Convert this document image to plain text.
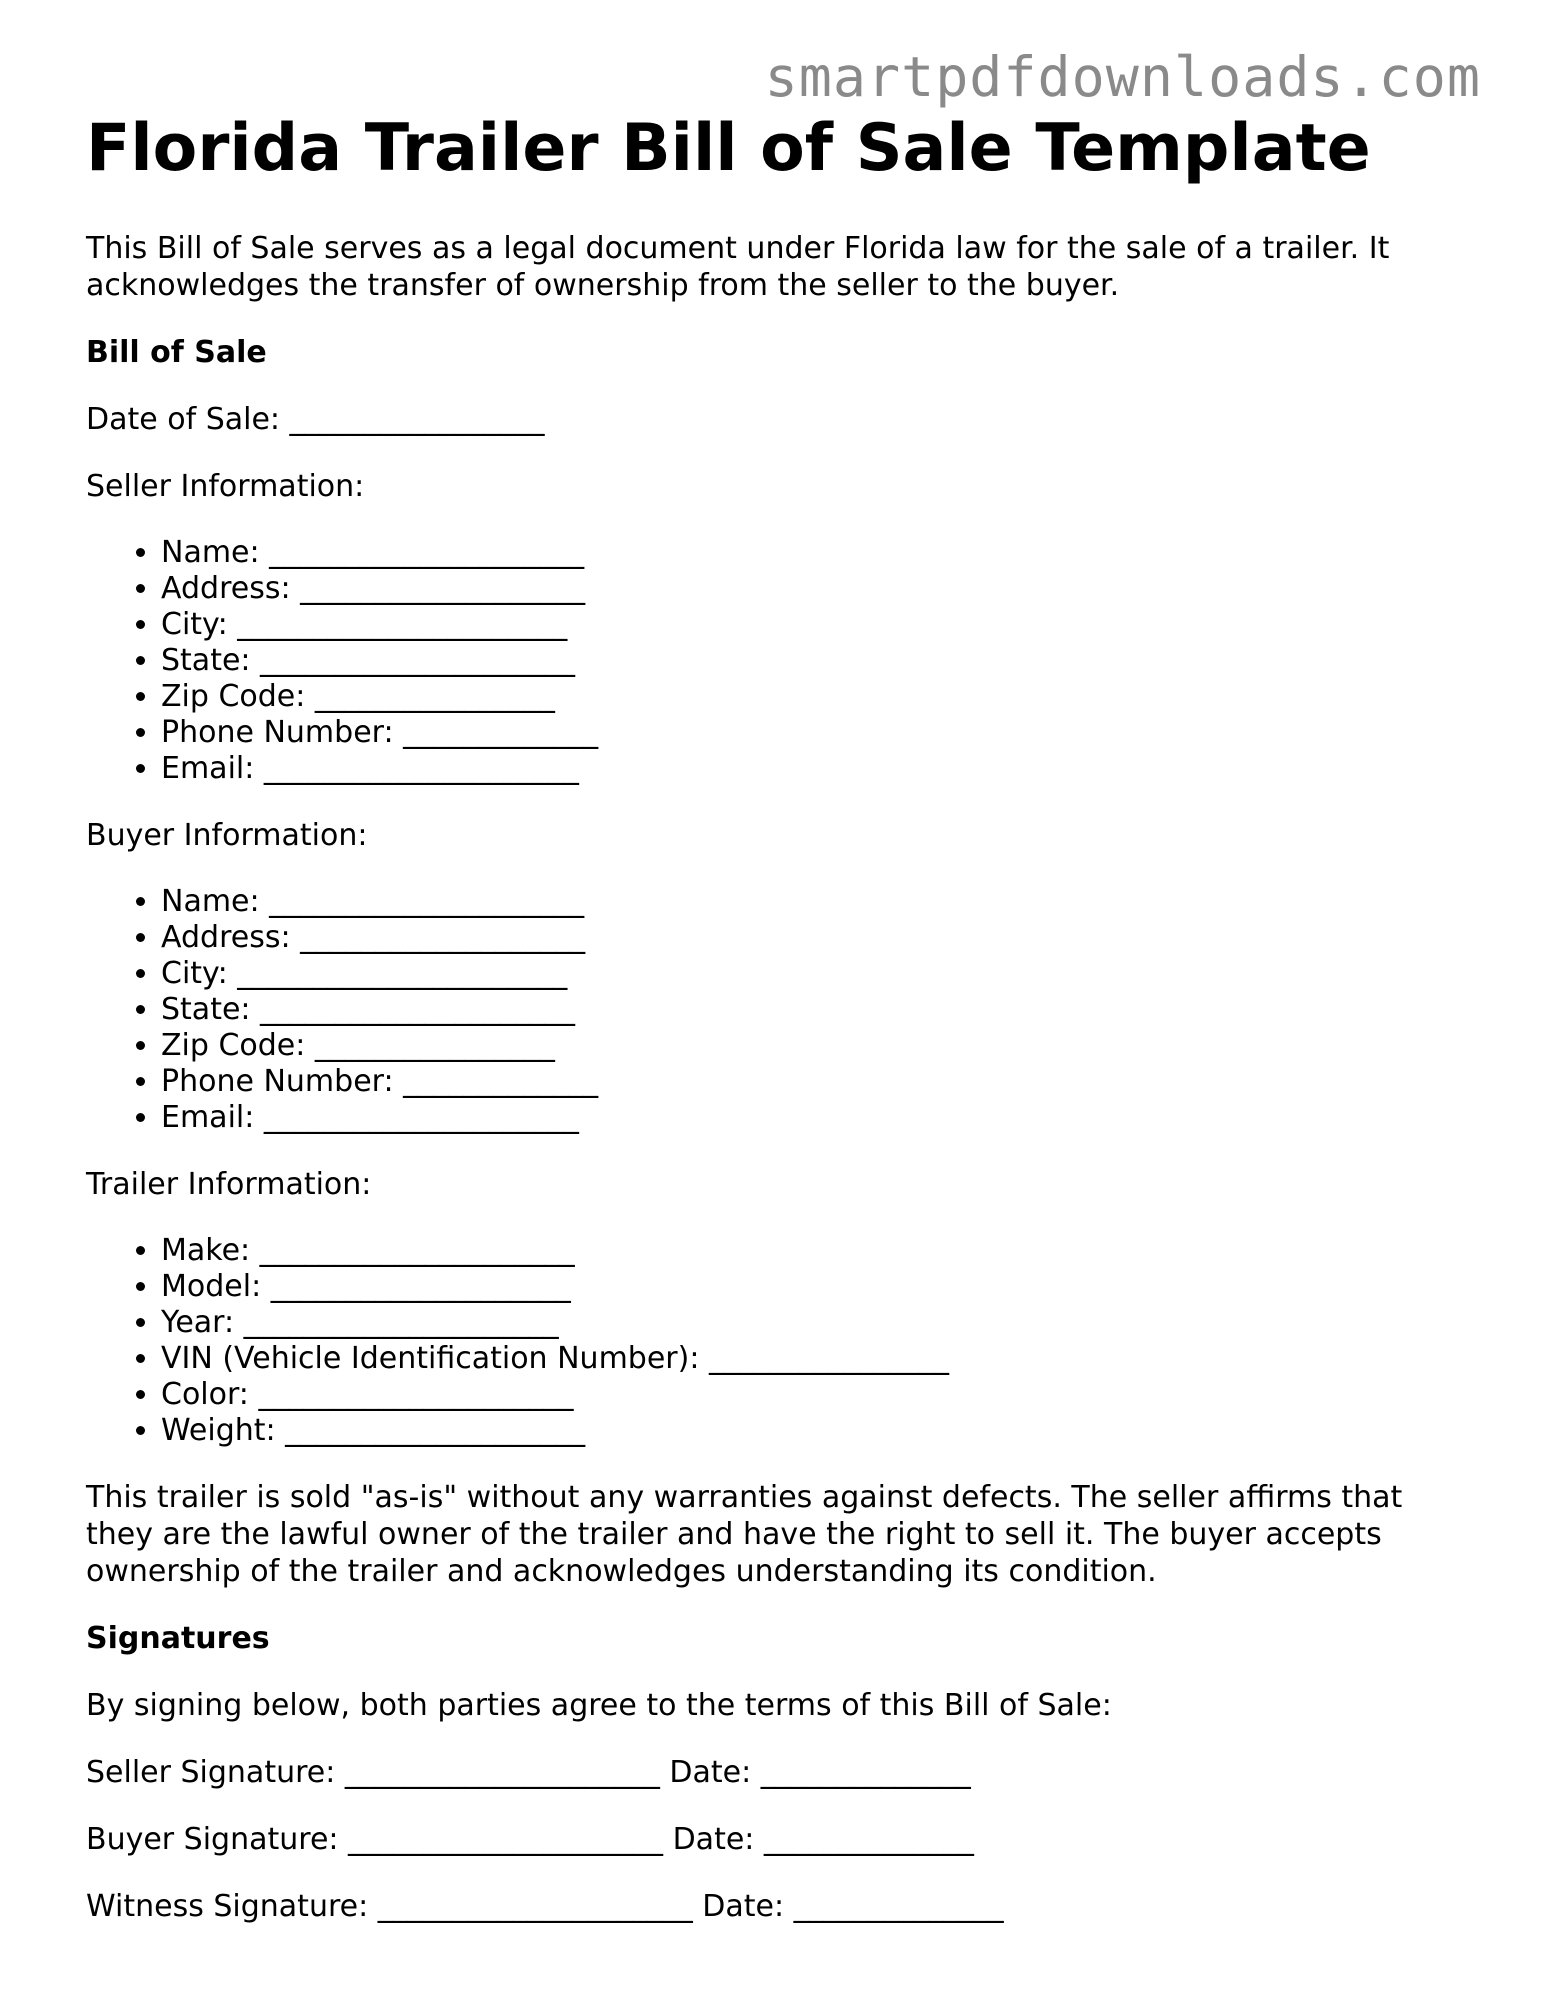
smartpdfdownloads.com
Florida Trailer Bill of Sale Template
This Bill of Sale serves as a legal document under Florida law for the sale of a trailer. It acknowledges the transfer of ownership from the seller to the buyer.
Bill of Sale

Date of Sale: _________________

Seller Information:

• Name: _____________________
• Address: ___________________
• City: ______________________
• State: _____________________
• Zip Code: ________________
• Phone Number: _____________
• Email: _____________________

Buyer Information:

• Name: _____________________
• Address: ___________________
• City: ______________________
• State: _____________________
• Zip Code: ________________
• Phone Number: _____________
• Email: _____________________

Trailer Information:

• Make: _____________________
• Model: ____________________
• Year: _____________________
• VIN (Vehicle Identification Number): ________________
• Color: _____________________
• Weight: ____________________
This trailer is sold "as-is" without any warranties against defects. The seller affirms that they are the lawful owner of the trailer and have the right to sell it. The buyer accepts ownership of the trailer and acknowledges understanding its condition.
Signatures

By signing below, both parties agree to the terms of this Bill of Sale:

Seller Signature: _____________________ Date: ______________

Buyer Signature: _____________________ Date: ______________

Witness Signature: _____________________ Date: ______________
